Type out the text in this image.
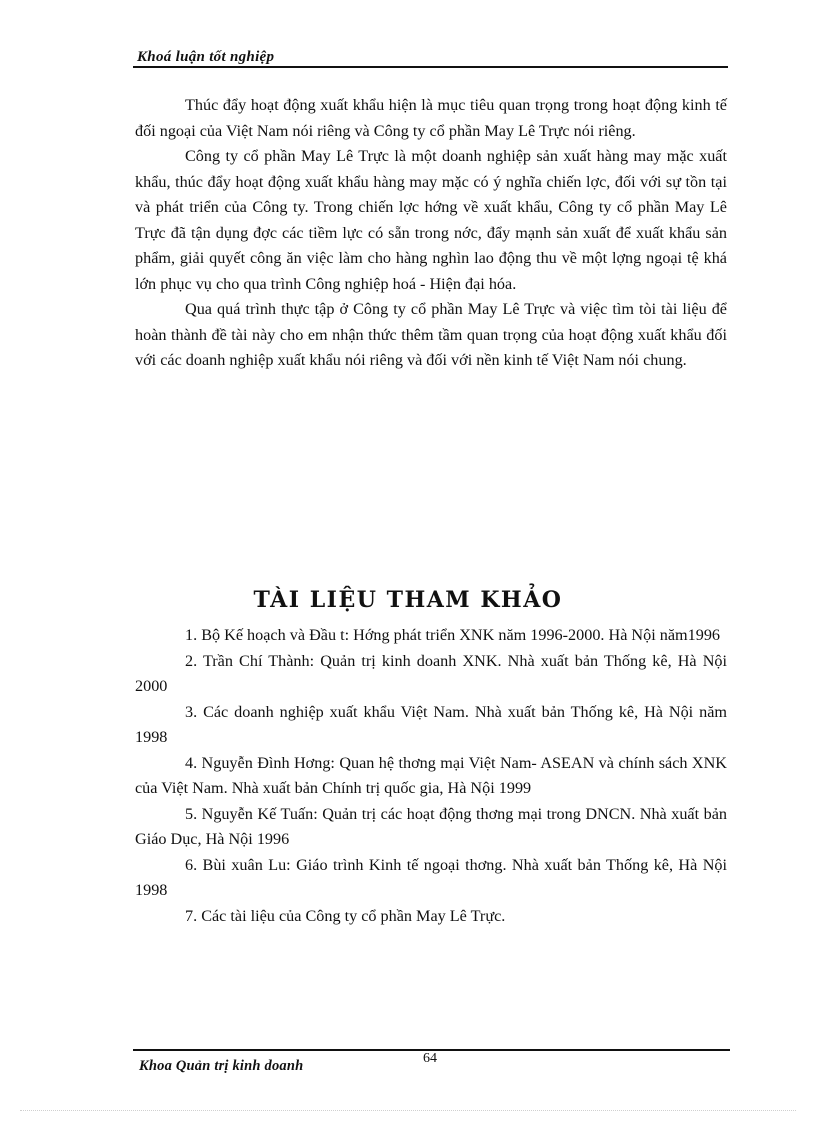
Khoá luận tốt nghiệp

Thúc đẩy hoạt động xuất khẩu hiện là mục tiêu quan trọng trong hoạt động kinh tế đối ngoại của Việt Nam nói riêng và Công ty cổ phần May Lê Trực nói riêng.

Công ty cổ phần May Lê Trực là một doanh nghiệp sản xuất hàng may mặc xuất khẩu, thúc đẩy hoạt động xuất khẩu hàng may mặc có ý nghĩa chiến lợc, đối với sự tồn tại và phát triển của Công ty. Trong chiến lợc hớng về xuất khẩu, Công ty cổ phần May Lê Trực đã tận dụng đợc các tiềm lực có sẵn trong nớc, đẩy mạnh sản xuất để xuất khẩu sản phẩm, giải quyết công ăn việc làm cho hàng nghìn lao động thu về một lợng ngoại tệ khá lớn phục vụ cho qua trình Công nghiệp hoá - Hiện đại hóa.

Qua quá trình thực tập ở Công ty cổ phần May Lê Trực và việc tìm tòi tài liệu để hoàn thành đề tài này cho em nhận thức thêm tầm quan trọng của hoạt động xuất khẩu đối với các doanh nghiệp xuất khẩu nói riêng và đối với nền kinh tế Việt Nam nói chung.

TÀI LIỆU THAM KHẢO

1. Bộ Kế hoạch và Đầu t: Hớng phát triển XNK năm 1996-2000. Hà Nội năm1996

2. Trần Chí Thành: Quản trị kinh doanh XNK. Nhà xuất bản Thống kê, Hà Nội 2000

3. Các doanh nghiệp xuất khẩu Việt Nam. Nhà xuất bản Thống kê, Hà Nội năm 1998

4. Nguyễn Đình Hơng: Quan hệ thơng mại Việt Nam- ASEAN và chính sách XNK của Việt Nam. Nhà xuất bản Chính trị quốc gia, Hà Nội 1999

5. Nguyễn Kế Tuấn: Quản trị các hoạt động thơng mại trong DNCN. Nhà xuất bản Giáo Dục, Hà Nội 1996

6. Bùi xuân Lu: Giáo trình Kinh tế ngoại thơng. Nhà xuất bản Thống kê, Hà Nội 1998

7. Các tài liệu của Công ty cổ phần May Lê Trực.

Khoa Quản trị kinh doanh	64
